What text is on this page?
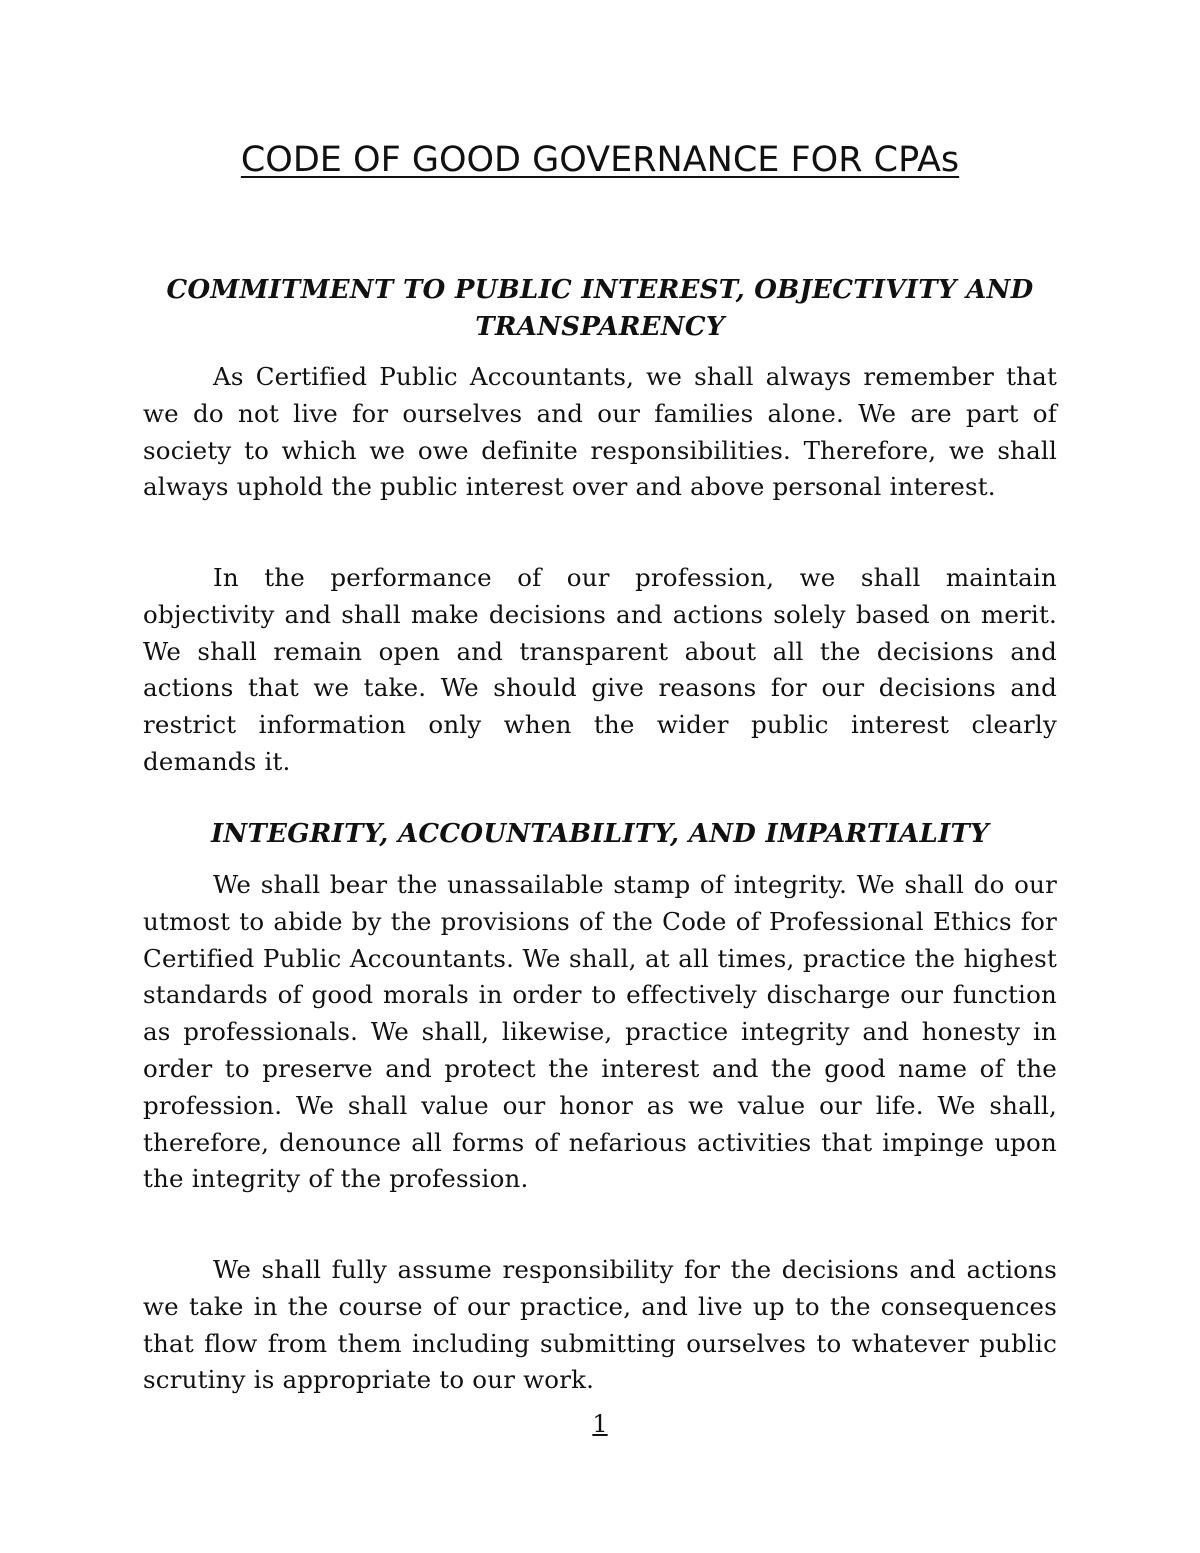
CODE OF GOOD GOVERNANCE FOR CPAs
COMMITMENT TO PUBLIC INTEREST, OBJECTIVITY AND TRANSPARENCY

As Certified Public Accountants, we shall always remember that we do not live for ourselves and our families alone. We are part of society to which we owe definite responsibilities. Therefore, we shall always uphold the public interest over and above personal interest.

In the performance of our profession, we shall maintain objectivity and shall make decisions and actions solely based on merit. We shall remain open and transparent about all the decisions and actions that we take. We should give reasons for our decisions and restrict information only when the wider public interest clearly demands it.

INTEGRITY, ACCOUNTABILITY, AND IMPARTIALITY

We shall bear the unassailable stamp of integrity. We shall do our utmost to abide by the provisions of the Code of Professional Ethics for Certified Public Accountants. We shall, at all times, practice the highest standards of good morals in order to effectively discharge our function as professionals. We shall, likewise, practice integrity and honesty in order to preserve and protect the interest and the good name of the profession. We shall value our honor as we value our life. We shall, therefore, denounce all forms of nefarious activities that impinge upon the integrity of the profession.

We shall fully assume responsibility for the decisions and actions we take in the course of our practice, and live up to the consequences that flow from them including submitting ourselves to whatever public scrutiny is appropriate to our work.

1
